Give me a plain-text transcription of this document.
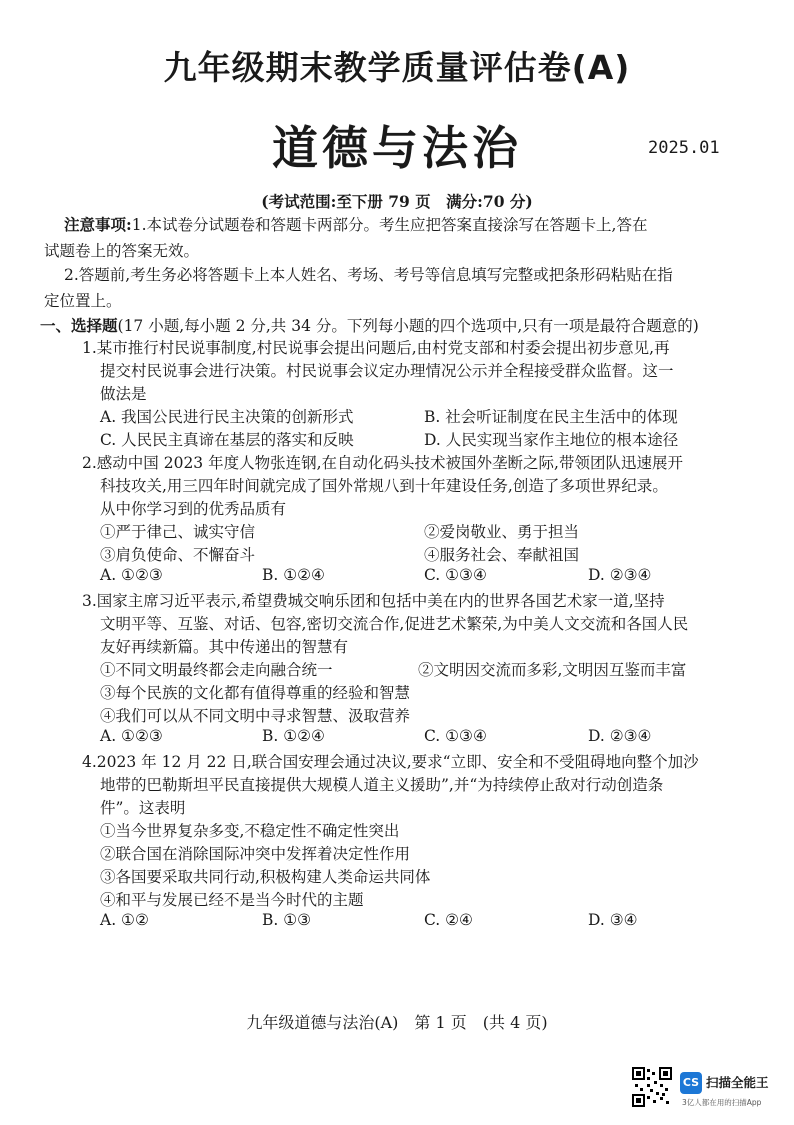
九年级期末教学质量评估卷(A)
道德与法治	2025.01
(考试范围:至下册 79 页　满分:70 分)
注意事项:1.本试卷分试题卷和答题卡两部分。考生应把答案直接涂写在答题卡上,答在
试题卷上的答案无效。
2.答题前,考生务必将答题卡上本人姓名、考场、考号等信息填写完整或把条形码粘贴在指
定位置上。
一、选择题(17 小题,每小题 2 分,共 34 分。下列每小题的四个选项中,只有一项是最符合题意的)
1.某市推行村民说事制度,村民说事会提出问题后,由村党支部和村委会提出初步意见,再
提交村民说事会进行决策。村民说事会议定办理情况公示并全程接受群众监督。这一
做法是
A. 我国公民进行民主决策的创新形式	B. 社会听证制度在民主生活中的体现
C. 人民民主真谛在基层的落实和反映	D. 人民实现当家作主地位的根本途径
2.感动中国 2023 年度人物张连钢,在自动化码头技术被国外垄断之际,带领团队迅速展开
科技攻关,用三四年时间就完成了国外常规八到十年建设任务,创造了多项世界纪录。
从中你学习到的优秀品质有
①严于律己、诚实守信	②爱岗敬业、勇于担当
③肩负使命、不懈奋斗	④服务社会、奉献祖国
A. ①②③	B. ①②④	C. ①③④	D. ②③④
3.国家主席习近平表示,希望费城交响乐团和包括中美在内的世界各国艺术家一道,坚持
文明平等、互鉴、对话、包容,密切交流合作,促进艺术繁荣,为中美人文交流和各国人民
友好再续新篇。其中传递出的智慧有
①不同文明最终都会走向融合统一	②文明因交流而多彩,文明因互鉴而丰富
③每个民族的文化都有值得尊重的经验和智慧
④我们可以从不同文明中寻求智慧、汲取营养
A. ①②③	B. ①②④	C. ①③④	D. ②③④
4.2023 年 12 月 22 日,联合国安理会通过决议,要求“立即、安全和不受阻碍地向整个加沙
地带的巴勒斯坦平民直接提供大规模人道主义援助”,并“为持续停止敌对行动创造条
件”。这表明
①当今世界复杂多变,不稳定性不确定性突出
②联合国在消除国际冲突中发挥着决定性作用
③各国要采取共同行动,积极构建人类命运共同体
④和平与发展已经不是当今时代的主题
A. ①②	B. ①③	C. ②④	D. ③④
九年级道德与法治(A)　第 1 页　(共 4 页)
CS 扫描全能王
3亿人都在用的扫描App
